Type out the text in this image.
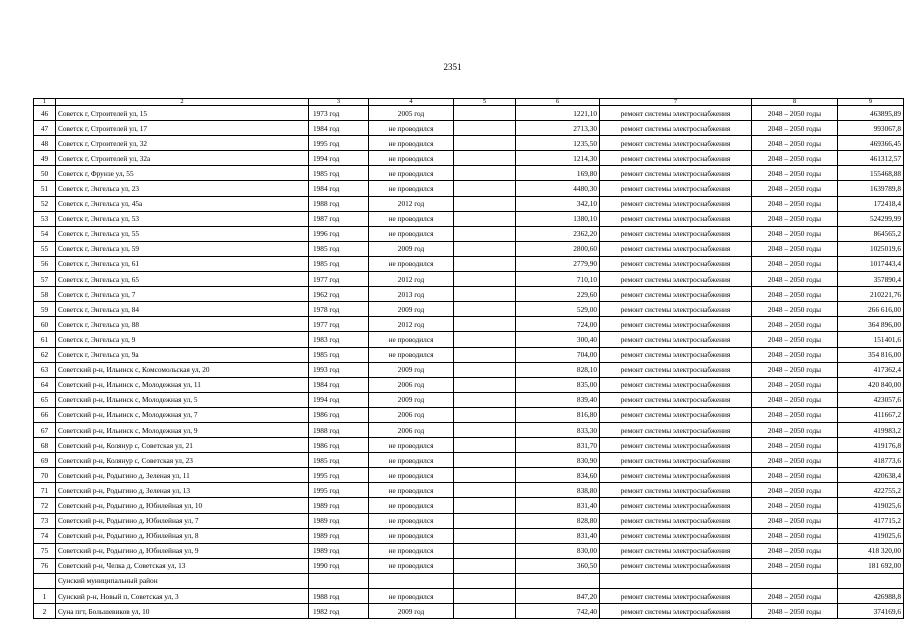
2351
1	2	3	4	5	6	7	8	9
46	Советск г, Строителей ул, 15	1973 год	2005 год		1221,10	ремонт системы электроснабжения	2048 – 2050 годы	463895,89
47	Советск г, Строителей ул, 17	1984 год	не проводился		2713,30	ремонт системы электроснабжения	2048 – 2050 годы	993067,8
48	Советск г, Строителей ул, 32	1995 год	не проводился		1235,50	ремонт системы электроснабжения	2048 – 2050 годы	469366,45
49	Советск г, Строителей ул, 32а	1994 год	не проводился		1214,30	ремонт системы электроснабжения	2048 – 2050 годы	461312,57
50	Советск г, Фрунзе ул, 55	1985 год	не проводился		169,80	ремонт системы электроснабжения	2048 – 2050 годы	155468,88
51	Советск г, Энгельса ул, 23	1984 год	не проводился		4480,30	ремонт системы электроснабжения	2048 – 2050 годы	1639789,8
52	Советск г, Энгельса ул, 45а	1988 год	2012 год		342,10	ремонт системы электроснабжения	2048 – 2050 годы	172418,4
53	Советск г, Энгельса ул, 53	1987 год	не проводился		1380,10	ремонт системы электроснабжения	2048 – 2050 годы	524299,99
54	Советск г, Энгельса ул, 55	1996 год	не проводился		2362,20	ремонт системы электроснабжения	2048 – 2050 годы	864565,2
55	Советск г, Энгельса ул, 59	1985 год	2009 год		2800,60	ремонт системы электроснабжения	2048 – 2050 годы	1025019,6
56	Советск г, Энгельса ул, 61	1985 год	не проводился		2779,90	ремонт системы электроснабжения	2048 – 2050 годы	1017443,4
57	Советск г, Энгельса ул, 65	1977 год	2012 год		710,10	ремонт системы электроснабжения	2048 – 2050 годы	357890,4
58	Советск г, Энгельса ул, 7	1962 год	2013 год		229,60	ремонт системы электроснабжения	2048 – 2050 годы	210221,76
59	Советск г, Энгельса ул, 84	1978 год	2009 год		529,00	ремонт системы электроснабжения	2048 – 2050 годы	266 616,00
60	Советск г, Энгельса ул, 88	1977 год	2012 год		724,00	ремонт системы электроснабжения	2048 – 2050 годы	364 896,00
61	Советск г, Энгельса ул, 9	1983 год	не проводился		300,40	ремонт системы электроснабжения	2048 – 2050 годы	151401,6
62	Советск г, Энгельса ул, 9а	1985 год	не проводился		704,00	ремонт системы электроснабжения	2048 – 2050 годы	354 816,00
63	Советский р-н, Ильинск с, Комсомольская ул, 20	1993 год	2009 год		828,10	ремонт системы электроснабжения	2048 – 2050 годы	417362,4
64	Советский р-н, Ильинск с, Молодежная ул, 11	1984 год	2006 год		835,00	ремонт системы электроснабжения	2048 – 2050 годы	420 840,00
65	Советский р-н, Ильинск с, Молодежная ул, 5	1994 год	2009 год		839,40	ремонт системы электроснабжения	2048 – 2050 годы	423057,6
66	Советский р-н, Ильинск с, Молодежная ул, 7	1986 год	2006 год		816,80	ремонт системы электроснабжения	2048 – 2050 годы	411667,2
67	Советский р-н, Ильинск с, Молодежная ул, 9	1988 год	2006 год		833,30	ремонт системы электроснабжения	2048 – 2050 годы	419983,2
68	Советский р-н, Колянур с, Советская ул, 21	1986 год	не проводился		831,70	ремонт системы электроснабжения	2048 – 2050 годы	419176,8
69	Советский р-н, Колянур с, Советская ул, 23	1985 год	не проводился		830,90	ремонт системы электроснабжения	2048 – 2050 годы	418773,6
70	Советский р-н, Родыгино д, Зеленая ул, 11	1995 год	не проводился		834,60	ремонт системы электроснабжения	2048 – 2050 годы	420638,4
71	Советский р-н, Родыгино д, Зеленая ул, 13	1995 год	не проводился		838,80	ремонт системы электроснабжения	2048 – 2050 годы	422755,2
72	Советский р-н, Родыгино д, Юбилейная ул, 10	1989 год	не проводился		831,40	ремонт системы электроснабжения	2048 – 2050 годы	419025,6
73	Советский р-н, Родыгино д, Юбилейная ул, 7	1989 год	не проводился		828,80	ремонт системы электроснабжения	2048 – 2050 годы	417715,2
74	Советский р-н, Родыгино д, Юбилейная ул, 8	1989 год	не проводился		831,40	ремонт системы электроснабжения	2048 – 2050 годы	419025,6
75	Советский р-н, Родыгино д, Юбилейная ул, 9	1989 год	не проводился		830,00	ремонт системы электроснабжения	2048 – 2050 годы	418 320,00
76	Советский р-н, Челка д, Советская ул, 13	1990 год	не проводился		360,50	ремонт системы электроснабжения	2048 – 2050 годы	181 692,00
	Сунский муниципальный район							
1	Сунский р-н, Новый п, Советская ул, 3	1988 год	не проводился		847,20	ремонт системы электроснабжения	2048 – 2050 годы	426988,8
2	Суна пгт, Большевиков ул, 10	1982 год	2009 год		742,40	ремонт системы электроснабжения	2048 – 2050 годы	374169,6
